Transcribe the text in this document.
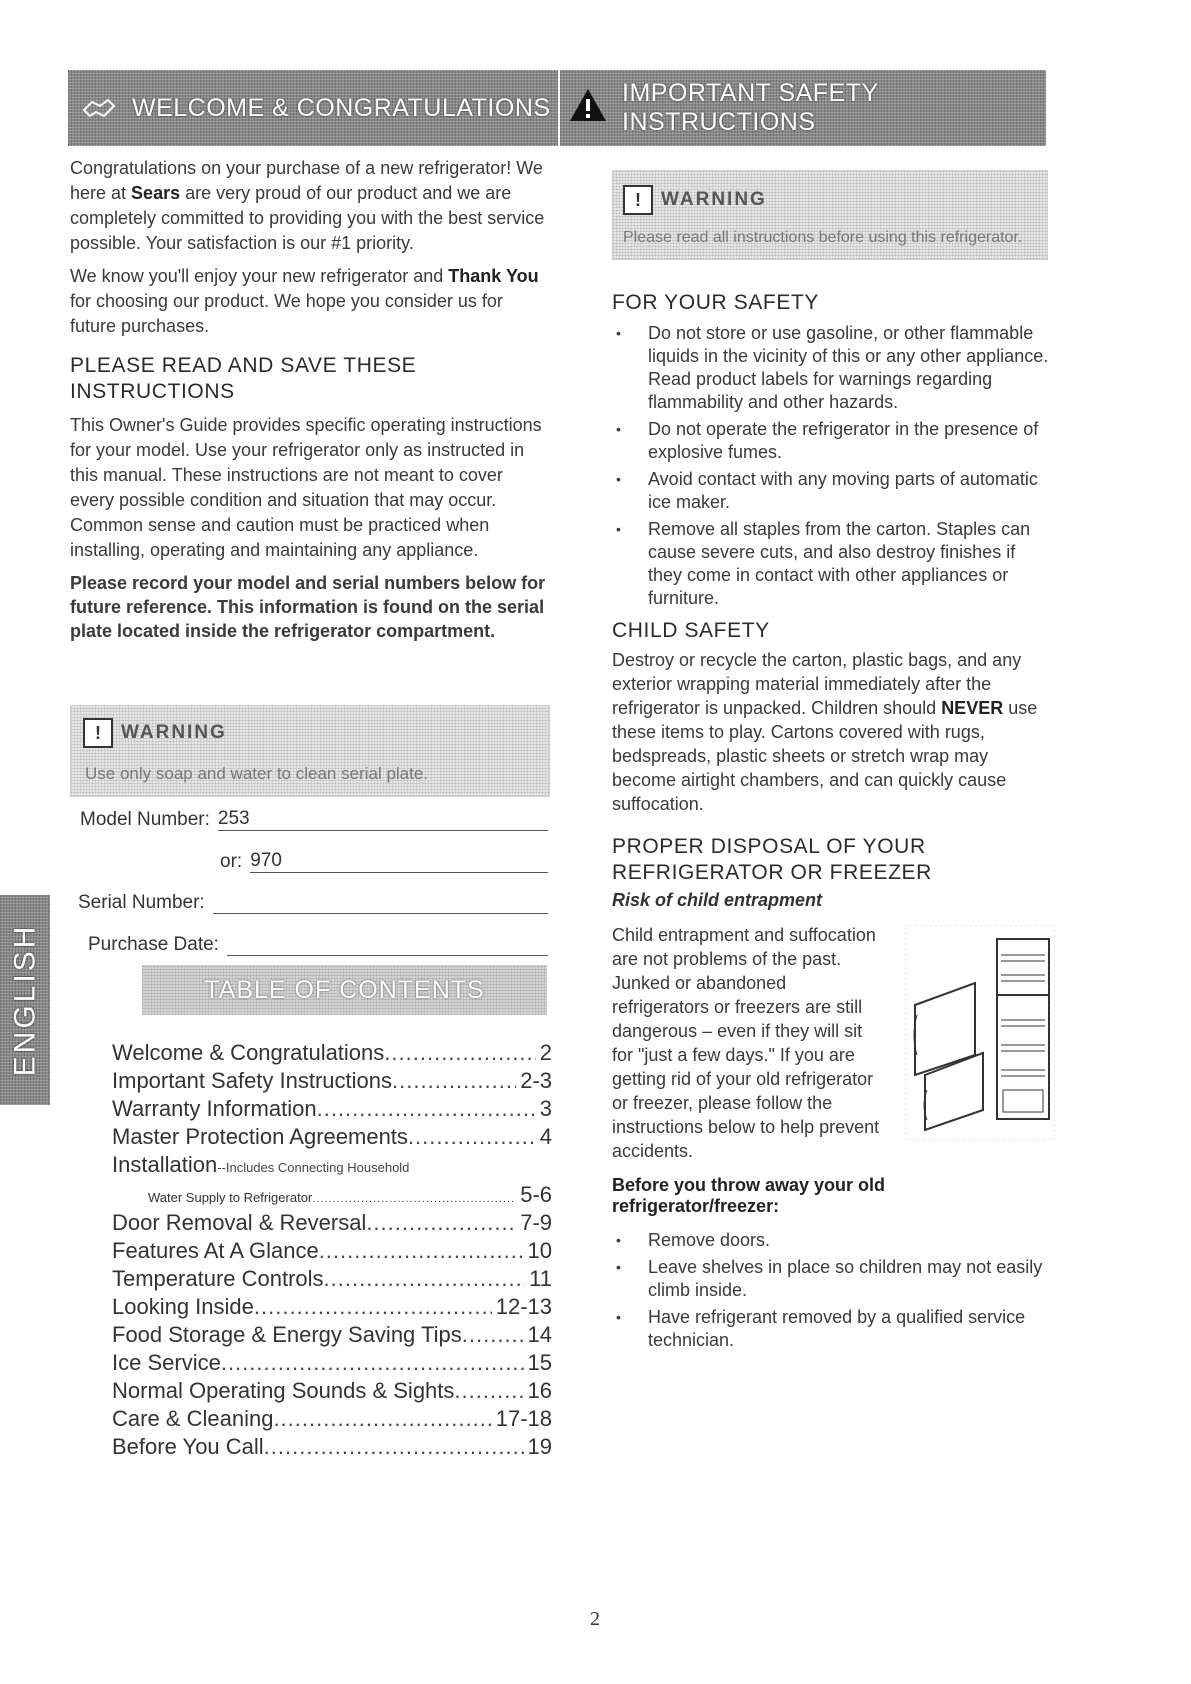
WELCOME & CONGRATULATIONS
IMPORTANT SAFETY INSTRUCTIONS

Congratulations on your purchase of a new refrigerator! We here at Sears are very proud of our product and we are completely committed to providing you with the best service possible. Your satisfaction is our #1 priority.

We know you'll enjoy your new refrigerator and Thank You for choosing our product. We hope you consider us for future purchases.

PLEASE READ AND SAVE THESE INSTRUCTIONS

This Owner's Guide provides specific operating instructions for your model. Use your refrigerator only as instructed in this manual. These instructions are not meant to cover every possible condition and situation that may occur. Common sense and caution must be practiced when installing, operating and maintaining any appliance.

Please record your model and serial numbers below for future reference. This information is found on the serial plate located inside the refrigerator compartment.

!	WARNING
Use only soap and water to clean serial plate.
Model Number: 253
or: 970
Serial Number:
Purchase Date:
ENGLISH	TABLE OF CONTENTS
Welcome & Congratulations .....	2
Important Safety Instructions .....	2-3
Warranty Information .....	3
Master Protection Agreements .....	4
Installation --Includes Connecting Household
Water Supply to Refrigerator .....	5-6
Door Removal & Reversal .....	7-9
Features At A Glance .....	10
Temperature Controls .....	11
Looking Inside .....	12-13
Food Storage & Energy Saving Tips .....	14
Ice Service .....	15
Normal Operating Sounds & Sights .....	16
Care & Cleaning .....	17-18
Before You Call .....	19
!	WARNING
Please read all instructions before using this refrigerator.
FOR YOUR SAFETY
• Do not store or use gasoline, or other flammable liquids in the vicinity of this or any other appliance. Read product labels for warnings regarding flammability and other hazards.
• Do not operate the refrigerator in the presence of explosive fumes.
• Avoid contact with any moving parts of automatic ice maker.
• Remove all staples from the carton. Staples can cause severe cuts, and also destroy finishes if they come in contact with other appliances or furniture.
CHILD SAFETY

Destroy or recycle the carton, plastic bags, and any exterior wrapping material immediately after the refrigerator is unpacked. Children should NEVER use these items to play. Cartons covered with rugs, bedspreads, plastic sheets or stretch wrap may become airtight chambers, and can quickly cause suffocation.

PROPER DISPOSAL OF YOUR REFRIGERATOR OR FREEZER
Risk of child entrapment

Child entrapment and suffocation are not problems of the past. Junked or abandoned refrigerators or freezers are still dangerous – even if they will sit for "just a few days." If you are getting rid of your old refrigerator or freezer, please follow the instructions below to help prevent accidents.

Before you throw away your old refrigerator/freezer:
• Remove doors.
• Leave shelves in place so children may not easily climb inside.
• Have refrigerant removed by a qualified service technician.
2
